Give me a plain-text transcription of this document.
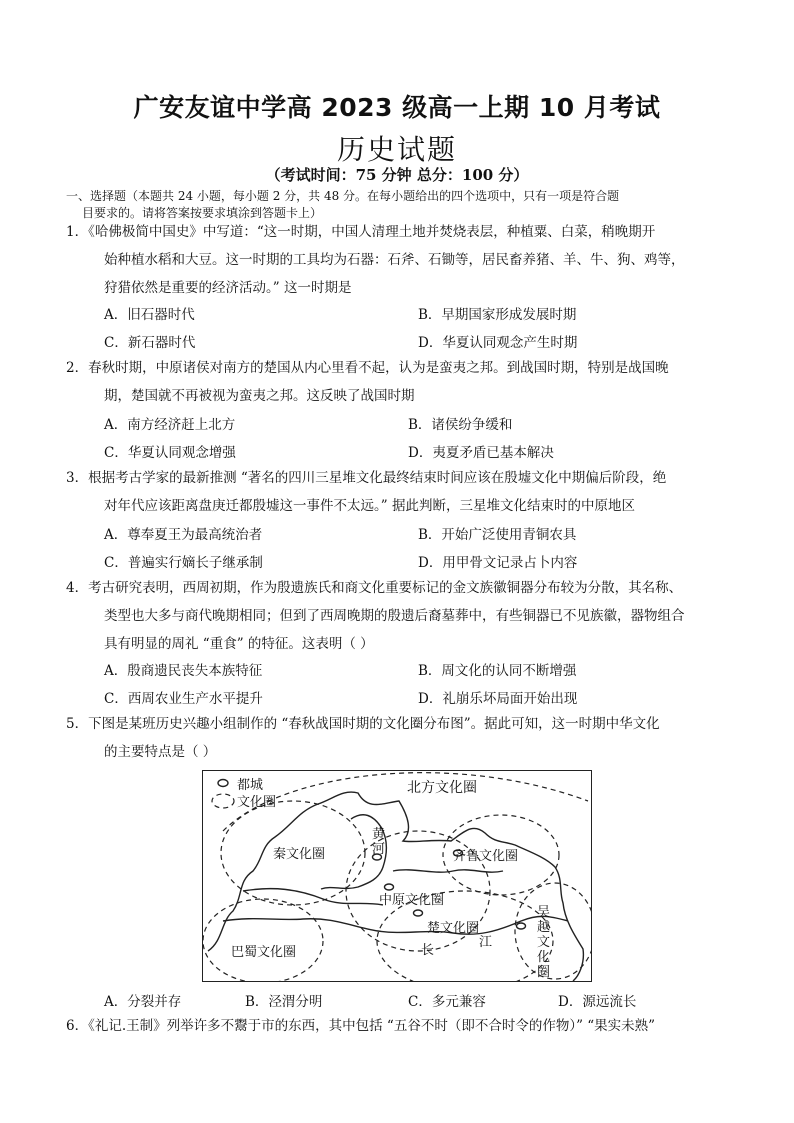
广安友谊中学高 2023 级高一上期 10 月考试
历史试题
（考试时间：75 分钟 总分：100 分）
一、选择题（本题共 24 小题，每小题 2 分，共 48 分。在每小题给出的四个选项中，只有一项是符合题
目要求的。请将答案按要求填涂到答题卡上）
1．《哈佛极简中国史》中写道：“这一时期，中国人清理土地并焚烧表层，种植粟、白菜，稍晚期开
始种植水稻和大豆。这一时期的工具均为石器：石斧、石锄等，居民畜养猪、羊、牛、狗、鸡等，
狩猎依然是重要的经济活动。” 这一时期是
A．旧石器时代	B．早期国家形成发展时期
C．新石器时代	D．华夏认同观念产生时期
2．春秋时期，中原诸侯对南方的楚国从内心里看不起，认为是蛮夷之邦。到战国时期，特别是战国晚
期，楚国就不再被视为蛮夷之邦。这反映了战国时期
A．南方经济赶上北方	B．诸侯纷争缓和
C．华夏认同观念增强	D．夷夏矛盾已基本解决
3．根据考古学家的最新推测 “著名的四川三星堆文化最终结束时间应该在殷墟文化中期偏后阶段，绝
对年代应该距离盘庚迁都殷墟这一事件不太远。” 据此判断，三星堆文化结束时的中原地区
A．尊奉夏王为最高统治者	B．开始广泛使用青铜农具
C．普遍实行嫡长子继承制	D．用甲骨文记录占卜内容
4．考古研究表明，西周初期，作为殷遗族氏和商文化重要标记的金文族徽铜器分布较为分散，其名称、
类型也大多与商代晚期相同；但到了西周晚期的殷遗后裔墓葬中，有些铜器已不见族徽，器物组合
具有明显的周礼 “重食” 的特征。这表明（ ）
A．殷商遗民丧失本族特征	B．周文化的认同不断增强
C．西周农业生产水平提升	D．礼崩乐坏局面开始出现
5．下图是某班历史兴趣小组制作的 “春秋战国时期的文化圈分布图”。据此可知，这一时期中华文化
的主要特点是（ ）
都城
文化圈
北方文化圈
秦文化圈	齐鲁文化圈
中原文化圈
楚文化圈
巴蜀文化圈
吴越文化圈
黄河
长
江
A．分裂并存	B．泾渭分明	C．多元兼容	D．源远流长
6．《礼记.王制》列举许多不鬻于市的东西，其中包括 “五谷不时（即不合时令的作物）” “果实未熟”
